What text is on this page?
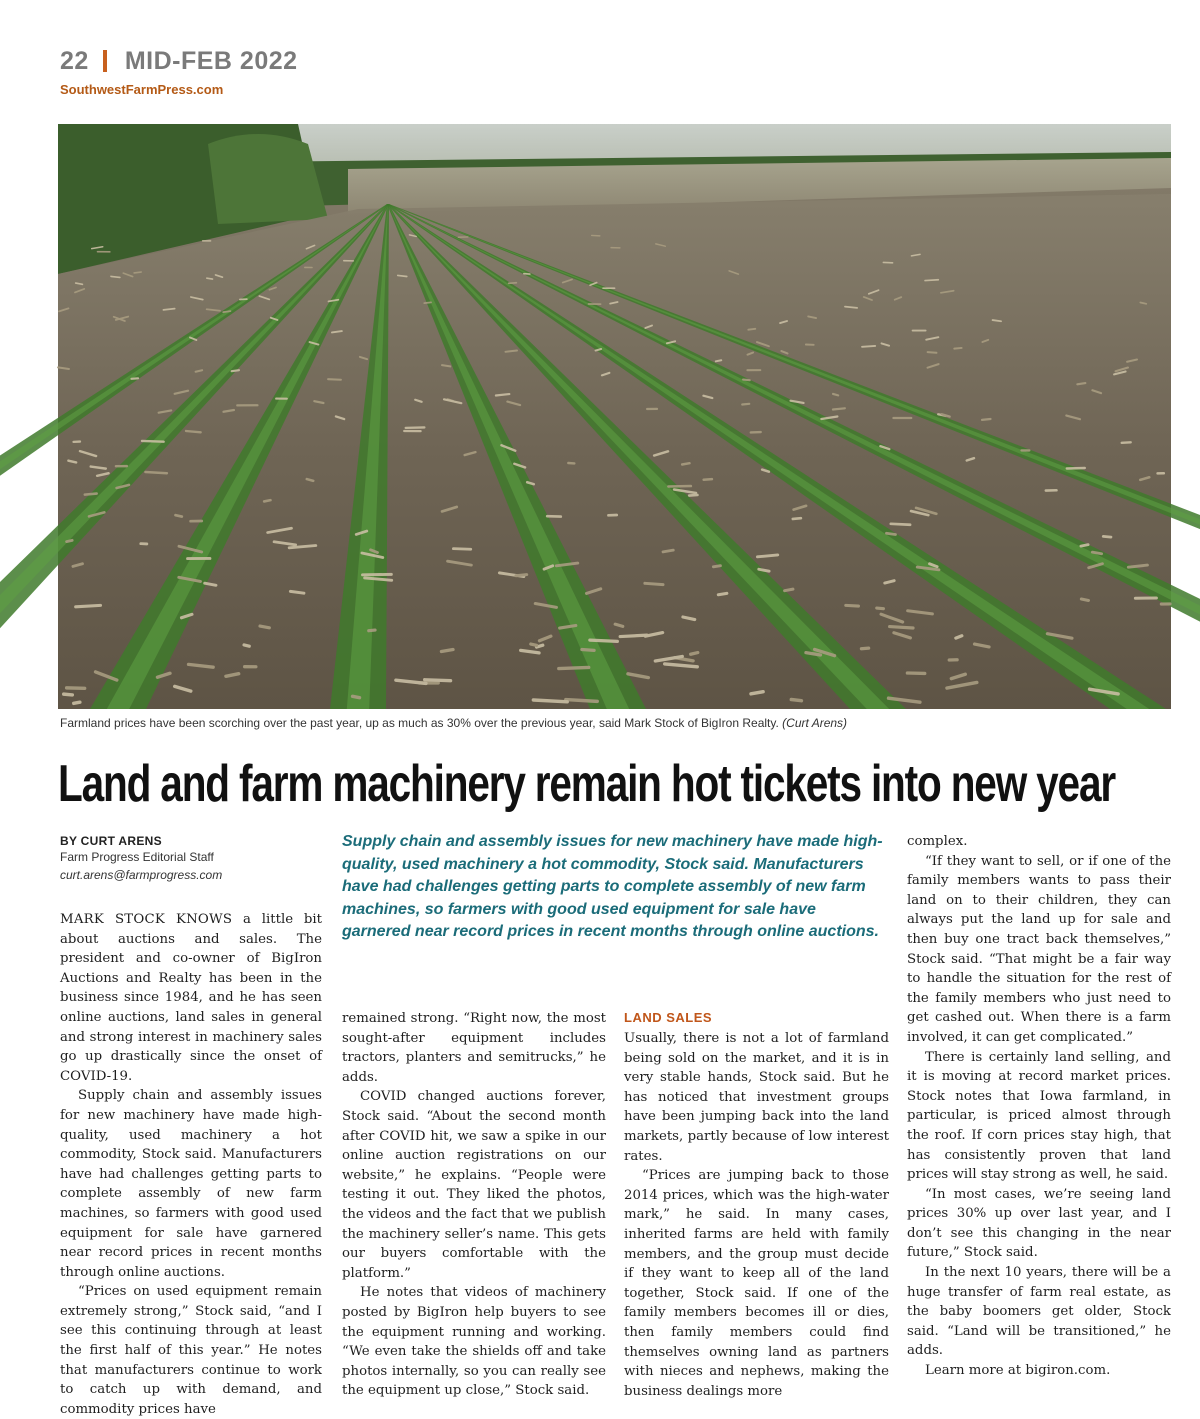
22 MID-FEB 2022
SouthwestFarmPress.com
Farmland prices have been scorching over the past year, up as much as 30% over the previous year, said Mark Stock of BigIron Realty. (Curt Arens)
Land and farm machinery remain hot tickets into new year
BY CURT ARENS
Farm Progress Editorial Staff
curt.arens@farmprogress.com
Supply chain and assembly issues for new machinery have made high-quality, used machinery a hot commodity, Stock said. Manufacturers have had challenges getting parts to complete assembly of new farm machines, so farmers with good used equipment for sale have garnered near record prices in recent months through online auctions.

MARK STOCK KNOWS a little bit about auctions and sales. The president and co-owner of BigIron Auctions and Realty has been in the business since 1984, and he has seen online auctions, land sales in general and strong interest in machinery sales go up drastically since the onset of COVID-19.

Supply chain and assembly issues for new machinery have made high-quality, used machinery a hot commodity, Stock said. Manufacturers have had challenges getting parts to complete assembly of new farm machines, so farmers with good used equipment for sale have garnered near record prices in recent months through online auctions.

“Prices on used equipment remain extremely strong,” Stock said, “and I see this continuing through at least the first half of this year.” He notes that manufacturers continue to work to catch up with demand, and commodity prices have

remained strong. “Right now, the most sought-after equipment includes tractors, planters and semitrucks,” he adds.

COVID changed auctions forever, Stock said. “About the second month after COVID hit, we saw a spike in our online auction registrations on our website,” he explains. “People were testing it out. They liked the photos, the videos and the fact that we publish the machinery seller’s name. This gets our buyers comfortable with the platform.”

He notes that videos of machinery posted by BigIron help buyers to see the equipment running and working. “We even take the shields off and take photos internally, so you can really see the equipment up close,” Stock said.

LAND SALES

Usually, there is not a lot of farmland being sold on the market, and it is in very stable hands, Stock said. But he has noticed that investment groups have been jumping back into the land markets, partly because of low interest rates.

“Prices are jumping back to those 2014 prices, which was the high-water mark,” he said. In many cases, inherited farms are held with family members, and the group must decide if they want to keep all of the land together, Stock said. If one of the family members becomes ill or dies, then family members could find themselves owning land as partners with nieces and nephews, making the business dealings more

complex.

“If they want to sell, or if one of the family members wants to pass their land on to their children, they can always put the land up for sale and then buy one tract back themselves,” Stock said. “That might be a fair way to handle the situation for the rest of the family members who just need to get cashed out. When there is a farm involved, it can get complicated.”

There is certainly land selling, and it is moving at record market prices. Stock notes that Iowa farmland, in particular, is priced almost through the roof. If corn prices stay high, that has consistently proven that land prices will stay strong as well, he said.

“In most cases, we’re seeing land prices 30% up over last year, and I don’t see this changing in the near future,” Stock said.

In the next 10 years, there will be a huge transfer of farm real estate, as the baby boomers get older, Stock said. “Land will be transitioned,” he adds.

Learn more at bigiron.com.
